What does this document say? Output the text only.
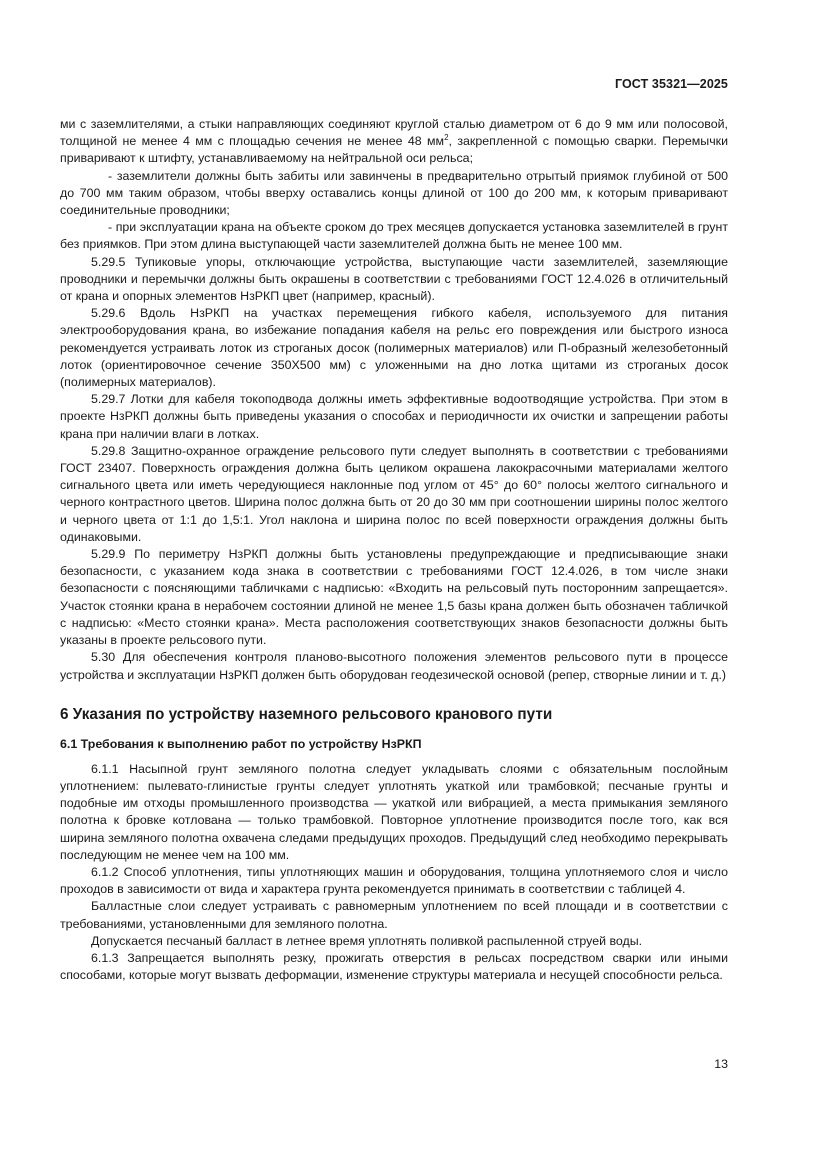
ГОСТ 35321—2025

ми с заземлителями, а стыки направляющих соединяют круглой сталью диаметром от 6 до 9 мм или полосовой, толщиной не менее 4 мм с площадью сечения не менее 48 $мм^2$, закрепленной с помощью сварки. Перемычки приваривают к штифту, устанавливаемому на нейтральной оси рельса;

- заземлители должны быть забиты или завинчены в предварительно отрытый приямок глубиной от 500 до 700 мм таким образом, чтобы вверху оставались концы длиной от 100 до 200 мм, к которым приваривают соединительные проводники;

- при эксплуатации крана на объекте сроком до трех месяцев допускается установка заземлителей в грунт без приямков. При этом длина выступающей части заземлителей должна быть не менее 100 мм.

5.29.5 Тупиковые упоры, отключающие устройства, выступающие части заземлителей, заземляющие проводники и перемычки должны быть окрашены в соответствии с требованиями ГОСТ 12.4.026 в отличительный от крана и опорных элементов НзРКП цвет (например, красный).

5.29.6 Вдоль НзРКП на участках перемещения гибкого кабеля, используемого для питания электрооборудования крана, во избежание попадания кабеля на рельс его повреждения или быстрого износа рекомендуется устраивать лоток из строганых досок (полимерных материалов) или П-образный железобетонный лоток (ориентировочное сечение 350Х500 мм) с уложенными на дно лотка щитами из строганых досок (полимерных материалов).

5.29.7 Лотки для кабеля токоподвода должны иметь эффективные водоотводящие устройства. При этом в проекте НзРКП должны быть приведены указания о способах и периодичности их очистки и запрещении работы крана при наличии влаги в лотках.

5.29.8 Защитно-охранное ограждение рельсового пути следует выполнять в соответствии с требованиями ГОСТ 23407. Поверхность ограждения должна быть целиком окрашена лакокрасочными материалами желтого сигнального цвета или иметь чередующиеся наклонные под углом от 45° до 60° полосы желтого сигнального и черного контрастного цветов. Ширина полос должна быть от 20 до 30 мм при соотношении ширины полос желтого и черного цвета от 1:1 до 1,5:1. Угол наклона и ширина полос по всей поверхности ограждения должны быть одинаковыми.

5.29.9 По периметру НзРКП должны быть установлены предупреждающие и предписывающие знаки безопасности, с указанием кода знака в соответствии с требованиями ГОСТ 12.4.026, в том числе знаки безопасности с поясняющими табличками с надписью: «Входить на рельсовый путь посторонним запрещается». Участок стоянки крана в нерабочем состоянии длиной не менее 1,5 базы крана должен быть обозначен табличкой с надписью: «Место стоянки крана». Места расположения соответствующих знаков безопасности должны быть указаны в проекте рельсового пути.

5.30 Для обеспечения контроля планово-высотного положения элементов рельсового пути в процессе устройства и эксплуатации НзРКП должен быть оборудован геодезической основой (репер, створные линии и т. д.)

6 Указания по устройству наземного рельсового кранового пути
6.1 Требования к выполнению работ по устройству НзРКП

6.1.1 Насыпной грунт земляного полотна следует укладывать слоями с обязательным послойным уплотнением: пылевато-глинистые грунты следует уплотнять укаткой или трамбовкой; песчаные грунты и подобные им отходы промышленного производства — укаткой или вибрацией, а места примыкания земляного полотна к бровке котлована — только трамбовкой. Повторное уплотнение производится после того, как вся ширина земляного полотна охвачена следами предыдущих проходов. Предыдущий след необходимо перекрывать последующим не менее чем на 100 мм.

6.1.2 Способ уплотнения, типы уплотняющих машин и оборудования, толщина уплотняемого слоя и число проходов в зависимости от вида и характера грунта рекомендуется принимать в соответствии с таблицей 4.

Балластные слои следует устраивать с равномерным уплотнением по всей площади и в соответствии с требованиями, установленными для земляного полотна.

Допускается песчаный балласт в летнее время уплотнять поливкой распыленной струей воды.

6.1.3 Запрещается выполнять резку, прожигать отверстия в рельсах посредством сварки или иными способами, которые могут вызвать деформации, изменение структуры материала и несущей способности рельса.

13
